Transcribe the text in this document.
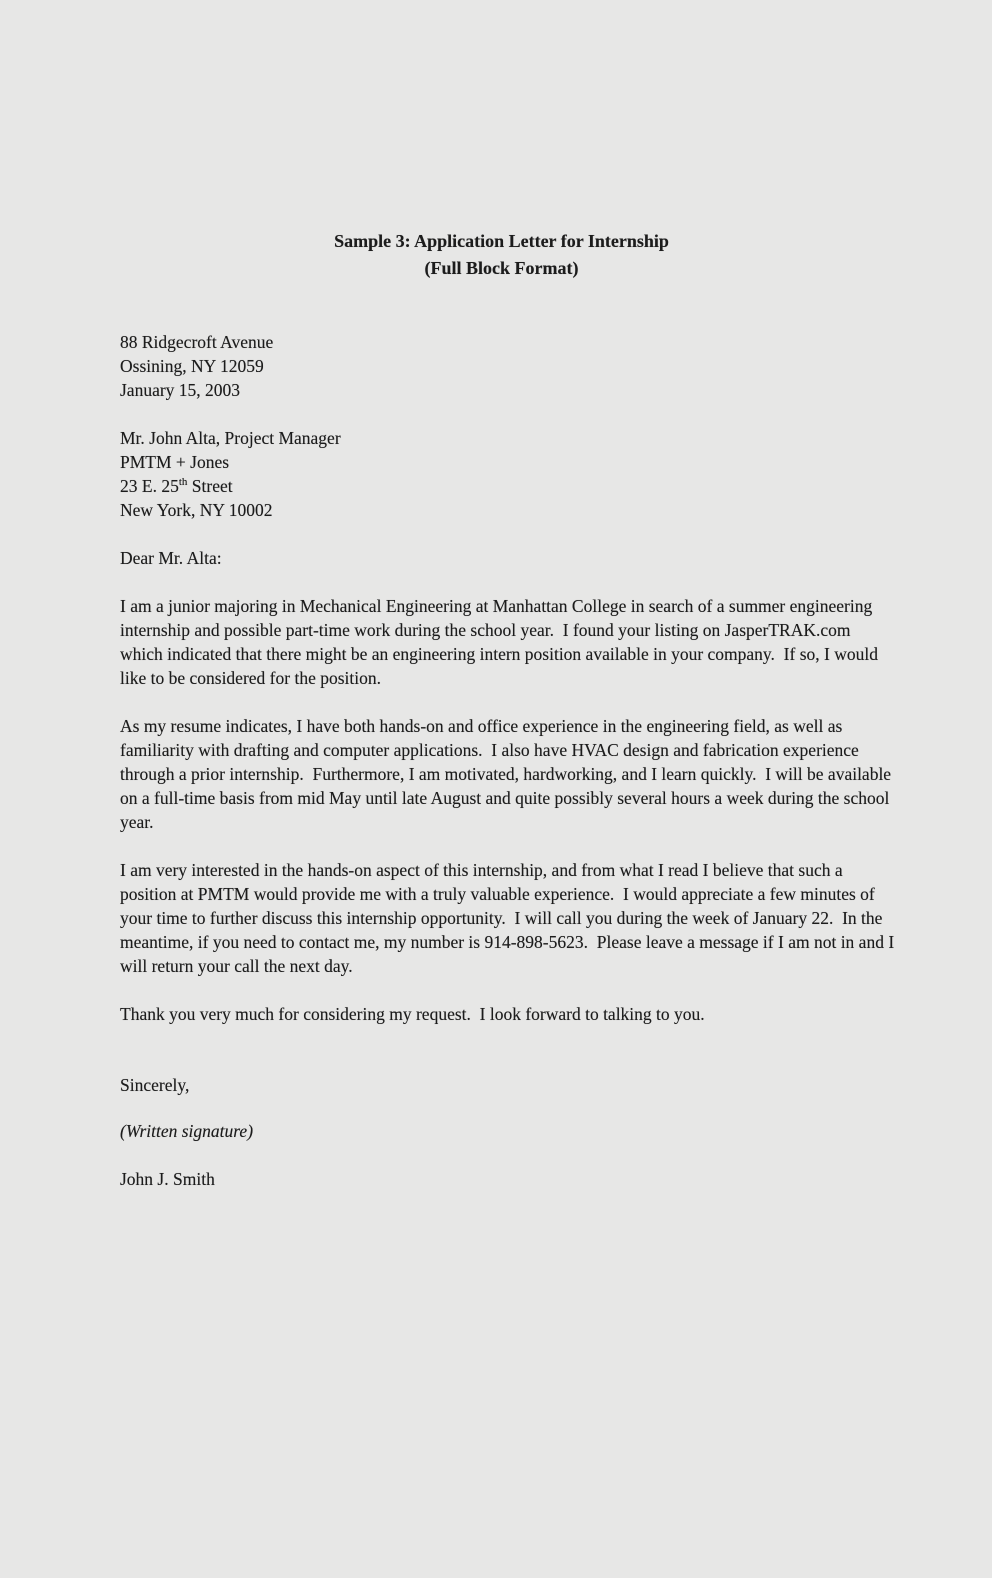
Sample 3: Application Letter for Internship
(Full Block Format)
88 Ridgecroft Avenue
Ossining, NY 12059
January 15, 2003
Mr. John Alta, Project Manager
PMTM + Jones
23 E. 25th Street
New York, NY 10002
Dear Mr. Alta:

I am a junior majoring in Mechanical Engineering at Manhattan College in search of a summer engineering internship and possible part-time work during the school year.  I found your listing on JasperTRAK.com which indicated that there might be an engineering intern position available in your company.  If so, I would like to be considered for the position.

As my resume indicates, I have both hands-on and office experience in the engineering field, as well as familiarity with drafting and computer applications.  I also have HVAC design and fabrication experience through a prior internship.  Furthermore, I am motivated, hardworking, and I learn quickly.  I will be available on a full-time basis from mid May until late August and quite possibly several hours a week during the school year.

I am very interested in the hands-on aspect of this internship, and from what I read I believe that such a position at PMTM would provide me with a truly valuable experience.  I would appreciate a few minutes of your time to further discuss this internship opportunity.  I will call you during the week of January 22.  In the meantime, if you need to contact me, my number is 914-898-5623.  Please leave a message if I am not in and I will return your call the next day.

Thank you very much for considering my request.  I look forward to talking to you.

Sincerely,
(Written signature)
John J. Smith
